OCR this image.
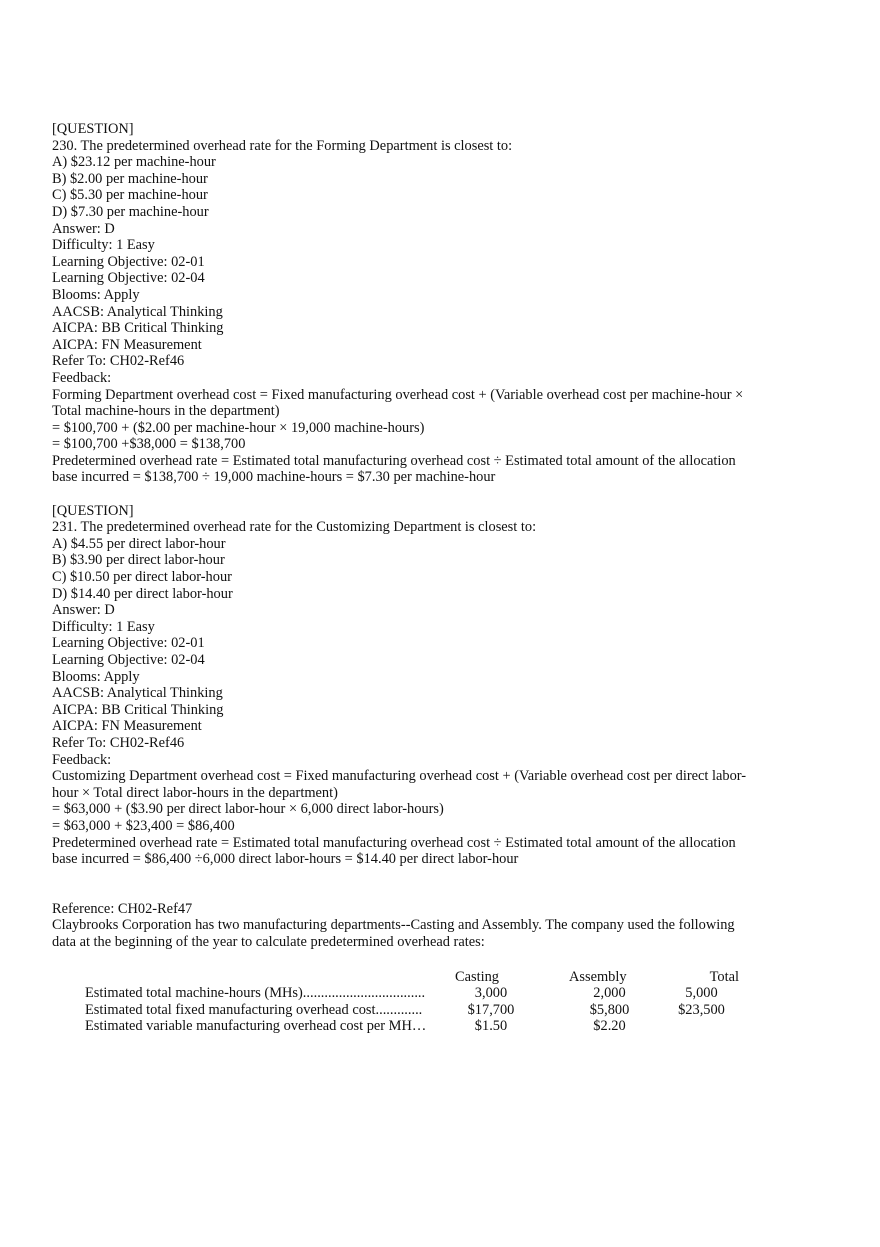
[QUESTION]
230. The predetermined overhead rate for the Forming Department is closest to:
A) $23.12 per machine-hour
B) $2.00 per machine-hour
C) $5.30 per machine-hour
D) $7.30 per machine-hour
Answer: D
Difficulty: 1 Easy
Learning Objective: 02-01
Learning Objective: 02-04
Blooms: Apply
AACSB: Analytical Thinking
AICPA: BB Critical Thinking
AICPA: FN Measurement
Refer To: CH02-Ref46
Feedback:
Forming Department overhead cost = Fixed manufacturing overhead cost + (Variable overhead cost per machine-hour × Total machine-hours in the department)
= $100,700 + ($2.00 per machine-hour × 19,000 machine-hours)
= $100,700 +$38,000 = $138,700
Predetermined overhead rate = Estimated total manufacturing overhead cost ÷ Estimated total amount of the allocation base incurred = $138,700 ÷ 19,000 machine-hours = $7.30 per machine-hour
[QUESTION]
231. The predetermined overhead rate for the Customizing Department is closest to:
A) $4.55 per direct labor-hour
B) $3.90 per direct labor-hour
C) $10.50 per direct labor-hour
D) $14.40 per direct labor-hour
Answer: D
Difficulty: 1 Easy
Learning Objective: 02-01
Learning Objective: 02-04
Blooms: Apply
AACSB: Analytical Thinking
AICPA: BB Critical Thinking
AICPA: FN Measurement
Refer To: CH02-Ref46
Feedback:
Customizing Department overhead cost = Fixed manufacturing overhead cost + (Variable overhead cost per direct labor-hour × Total direct labor-hours in the department)
= $63,000 + ($3.90 per direct labor-hour × 6,000 direct labor-hours)
= $63,000 + $23,400 = $86,400
Predetermined overhead rate = Estimated total manufacturing overhead cost ÷ Estimated total amount of the allocation base incurred = $86,400 ÷6,000 direct labor-hours = $14.40 per direct labor-hour
Reference: CH02-Ref47
Claybrooks Corporation has two manufacturing departments--Casting and Assembly. The company used the following data at the beginning of the year to calculate predetermined overhead rates:
	Casting	Assembly	Total
Estimated total machine-hours (MHs)..................................	3,000	2,000	5,000
Estimated total fixed manufacturing overhead cost.............	$17,700	$5,800	$23,500
Estimated variable manufacturing overhead cost per MH…	$1.50	$2.20	
